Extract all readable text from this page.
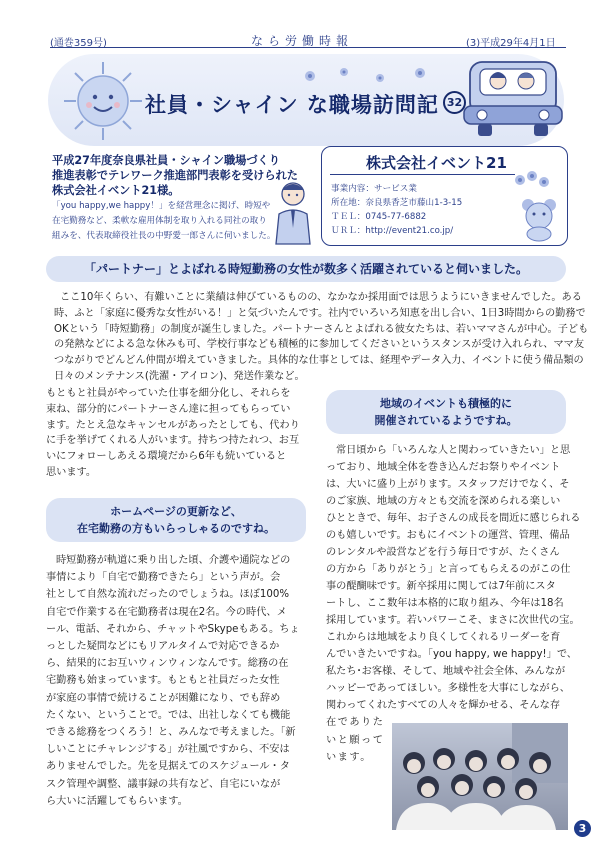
(通巻359号)	なら労働時報	(3)平成29年4月1日
社員・シャイン な職場訪問記 32
平成27年度奈良県社員・シャイン職場づくり
推進表彰でテレワーク推進部門表彰を受けられた
株式会社イベント21様。
「you happy,we happy！」を経営理念に掲げ、時短や
在宅勤務など、柔軟な雇用体制を取り入れる同社の取り
組みを、代表取締役社長の中野愛一郎さんに伺いました。
株式会社イベント21
事業内容：サービス業
所在地：奈良県香芝市藤山1-3-15
ＴＥＬ：0745-77-6882
ＵＲＬ：http://event21.co.jp/
「パートナー」とよばれる時短勤務の女性が数多く活躍されていると伺いました。
ここ10年くらい、有難いことに業績は伸びているものの、なかなか採用面では思うようにいきませんでした。ある
時、ふと「家庭に優秀な女性がいる！」と気づいたんです。社内でいろいろ知恵を出し合い、1日3時間からの勤務で
OKという「時短勤務」の制度が誕生しました。パートナーさんとよばれる彼女たちは、若いママさんが中心。子ども
の発熱などによる急な休みも可、学校行事なども積極的に参加してくださいというスタンスが受け入れられ、ママ友
つながりでどんどん仲間が増えていきました。具体的な仕事としては、経理やデータ入力、イベントに使う備品類の
日々のメンテナンス(洗濯・アイロン)、発送作業など。
もともと社員がやっていた仕事を細分化し、それらを
束ね、部分的にパートナーさん達に担ってもらってい
ます。たとえ急なキャンセルがあったとしても、代わり
に手を挙げてくれる人がいます。持ちつ持たれつ、お互
いにフォローしあえる環境だから6年も続いていると
思います。
ホームページの更新など、
在宅勤務の方もいらっしゃるのですね。
時短勤務が軌道に乗り出した頃、介護や通院などの
事情により「自宅で勤務できたら」という声が。会
社として自然な流れだったのでしょうね。ほぼ100%
自宅で作業する在宅勤務者は現在2名。今の時代、メ
ール、電話、それから、チャットやSkypeもある。ちょ
っとした疑問などにもリアルタイムで対応できるか
ら、結果的にお互いウィンウィンなんです。総務の在
宅勤務も始まっています。もともと社員だった女性
が家庭の事情で続けることが困難になり、でも辞め
たくない、ということで。では、出社しなくても機能
できる総務をつくろう！と、みんなで考えました。「新
しいことにチャレンジする」が社風ですから、不安は
ありませんでした。先を見据えてのスケジュール・タ
スク管理や調整、議事録の共有など、自宅にいなが
ら大いに活躍してもらいます。
地域のイベントも積極的に
開催されているようですね。
常日頃から「いろんな人と関わっていきたい」と思
っており、地域全体を巻き込んだお祭りやイベント
は、大いに盛り上がります。スタッフだけでなく、そ
のご家族、地域の方々とも交流を深められる楽しい
ひとときで、毎年、お子さんの成長を間近に感じられる
のも嬉しいです。おもにイベントの運営、管理、備品
のレンタルや設営などを行う毎日ですが、たくさん
の方から「ありがとう」と言ってもらえるのがこの仕
事の醍醐味です。新卒採用に関しては7年前にスタ
ートし、ここ数年は本格的に取り組み、今年は18名
採用しています。若いパワーこそ、まさに次世代の宝。
これからは地域をより良くしてくれるリーダーを育
んでいきたいですね。「you happy, we happy!」で、
私たち･お客様、そして、地域や社会全体、みんなが
ハッピーであってほしい。多様性を大事にしながら、
関わってくれたすべての人々を輝かせる、そんな存
在でありた
いと願って
います。
3
